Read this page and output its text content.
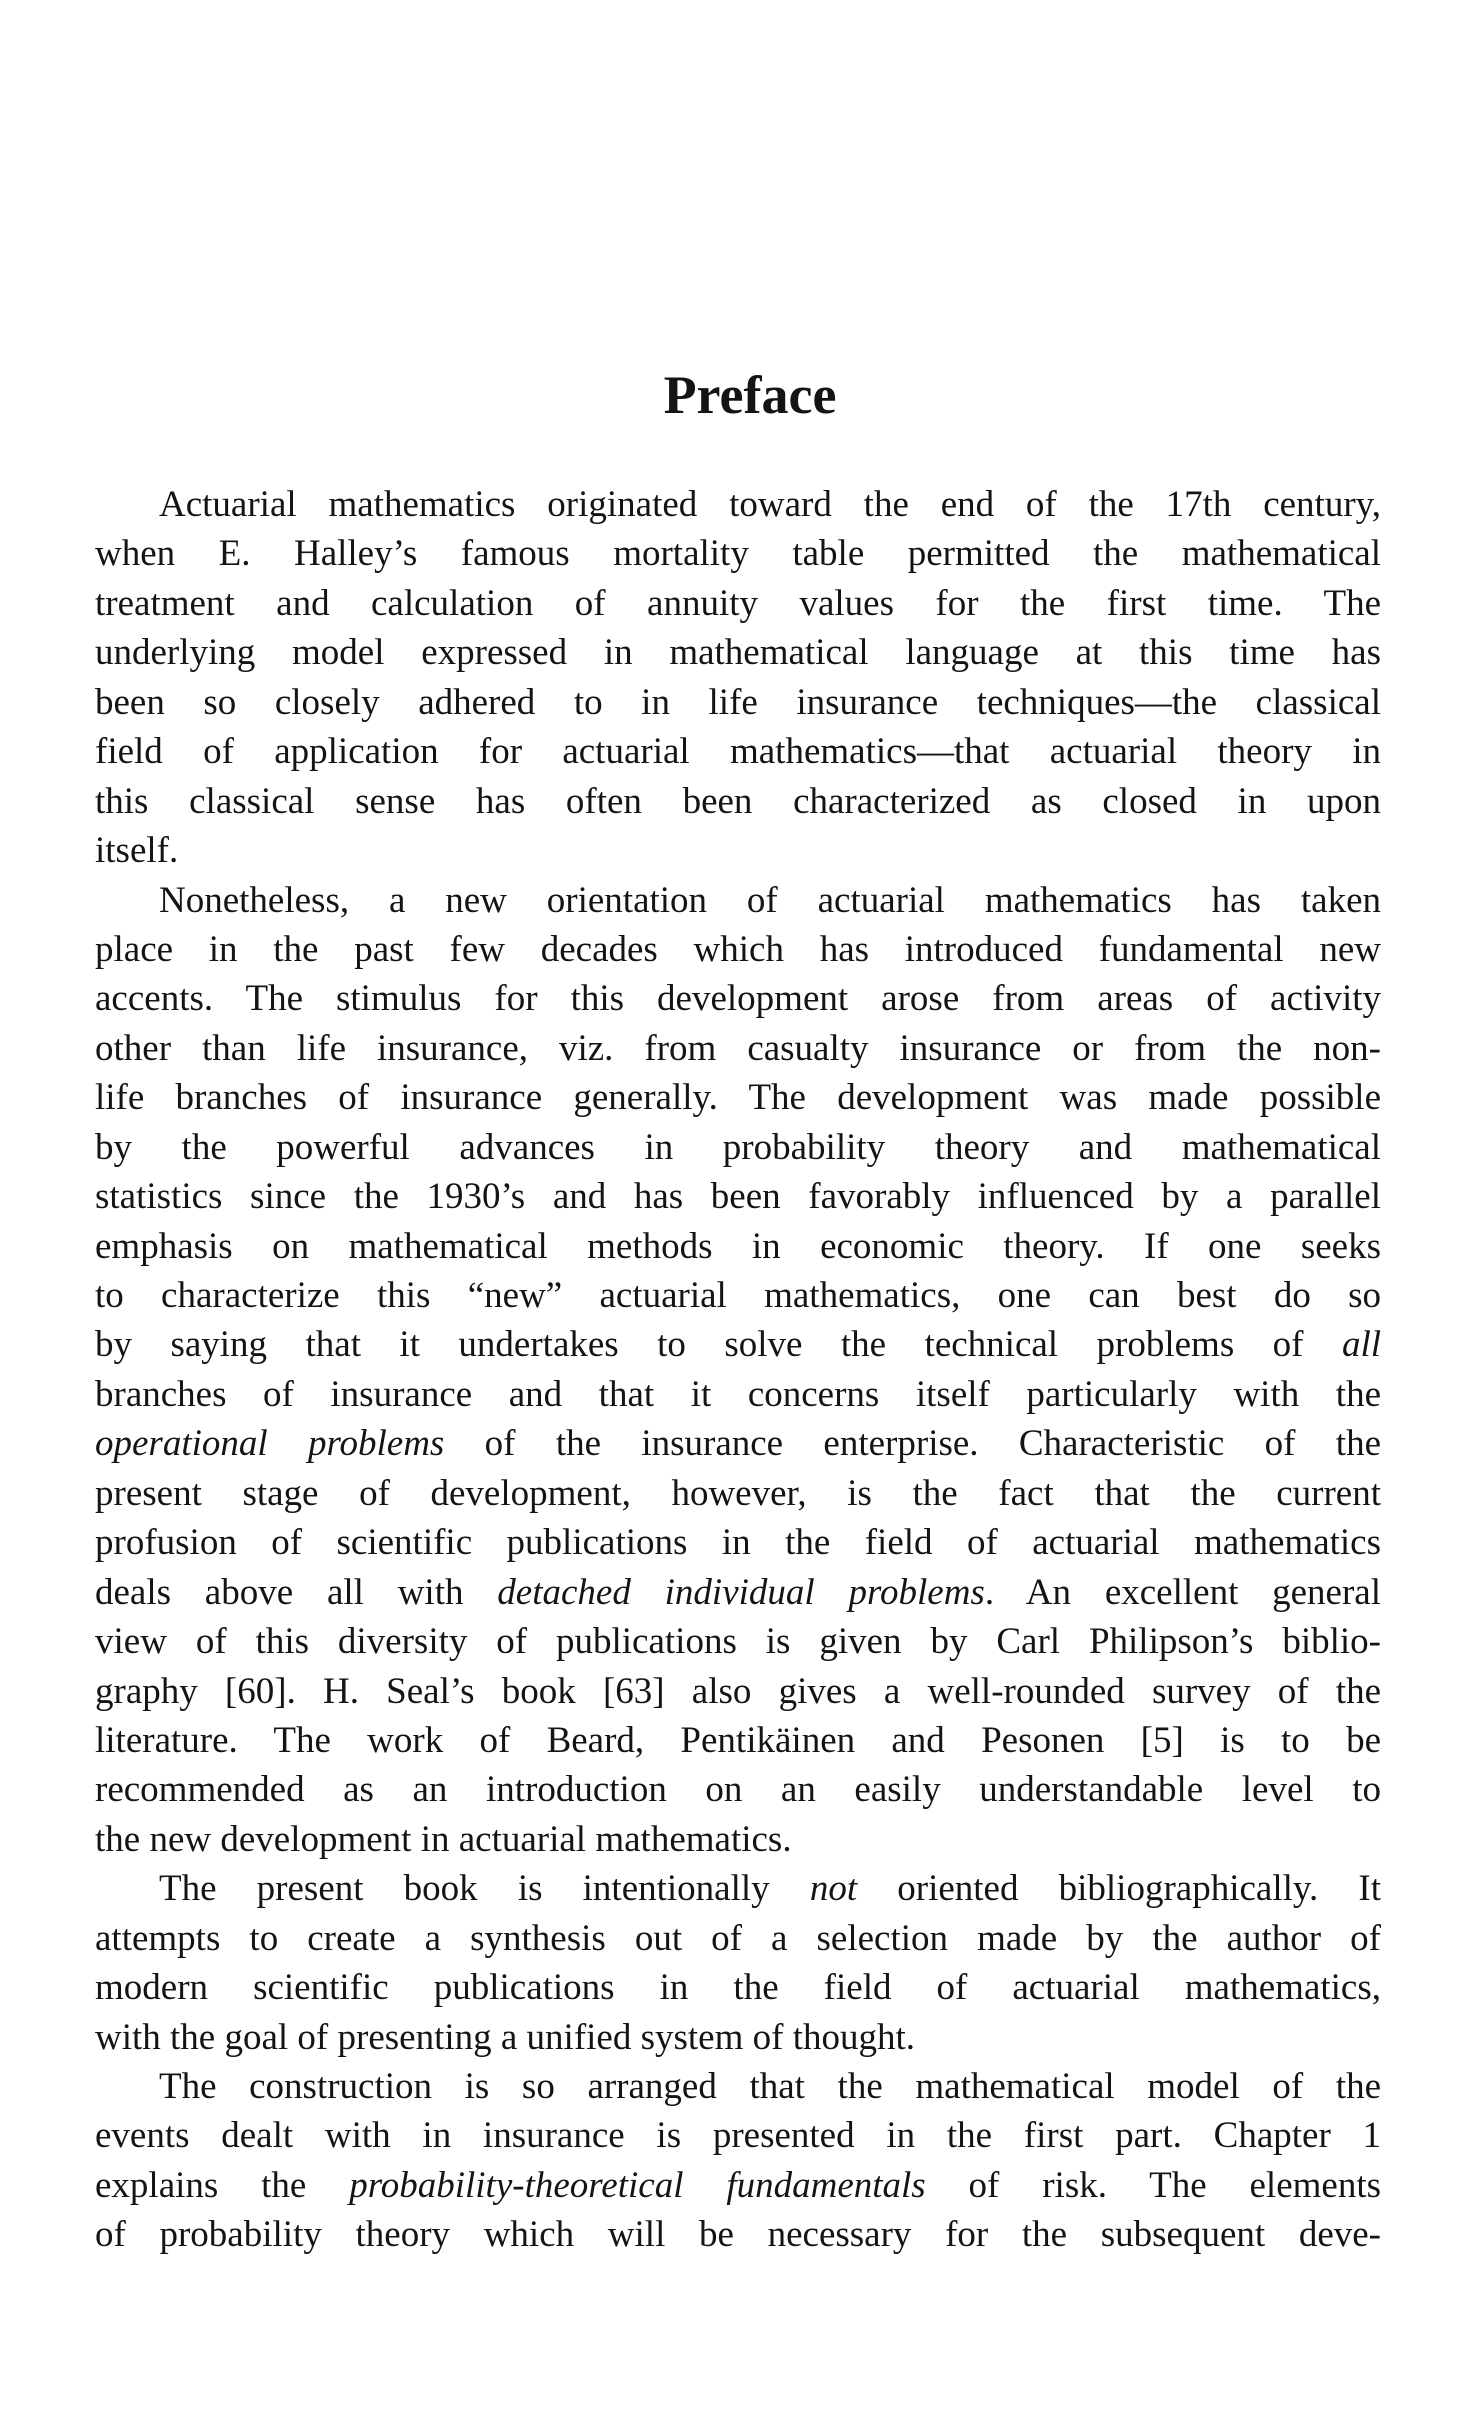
Preface
Actuarial mathematics originated toward the end of the 17th century,
when E. Halley’s famous mortality table permitted the mathematical
treatment and calculation of annuity values for the first time. The
underlying model expressed in mathematical language at this time has
been so closely adhered to in life insurance techniques—the classical
field of application for actuarial mathematics—that actuarial theory in
this classical sense has often been characterized as closed in upon
itself.
Nonetheless, a new orientation of actuarial mathematics has taken
place in the past few decades which has introduced fundamental new
accents. The stimulus for this development arose from areas of activity
other than life insurance, viz. from casualty insurance or from the non-
life branches of insurance generally. The development was made possible
by the powerful advances in probability theory and mathematical
statistics since the 1930’s and has been favorably influenced by a parallel
emphasis on mathematical methods in economic theory. If one seeks
to characterize this “new” actuarial mathematics, one can best do so
by saying that it undertakes to solve the technical problems of all
branches of insurance and that it concerns itself particularly with the
operational problems of the insurance enterprise. Characteristic of the
present stage of development, however, is the fact that the current
profusion of scientific publications in the field of actuarial mathematics
deals above all with detached individual problems. An excellent general
view of this diversity of publications is given by Carl Philipson’s biblio-
graphy [60]. H. Seal’s book [63] also gives a well-rounded survey of the
literature. The work of Beard, Pentikäinen and Pesonen [5] is to be
recommended as an introduction on an easily understandable level to
the new development in actuarial mathematics.
The present book is intentionally not oriented bibliographically. It
attempts to create a synthesis out of a selection made by the author of
modern scientific publications in the field of actuarial mathematics,
with the goal of presenting a unified system of thought.
The construction is so arranged that the mathematical model of the
events dealt with in insurance is presented in the first part. Chapter 1
explains the probability-theoretical fundamentals of risk. The elements
of probability theory which will be necessary for the subsequent deve-
